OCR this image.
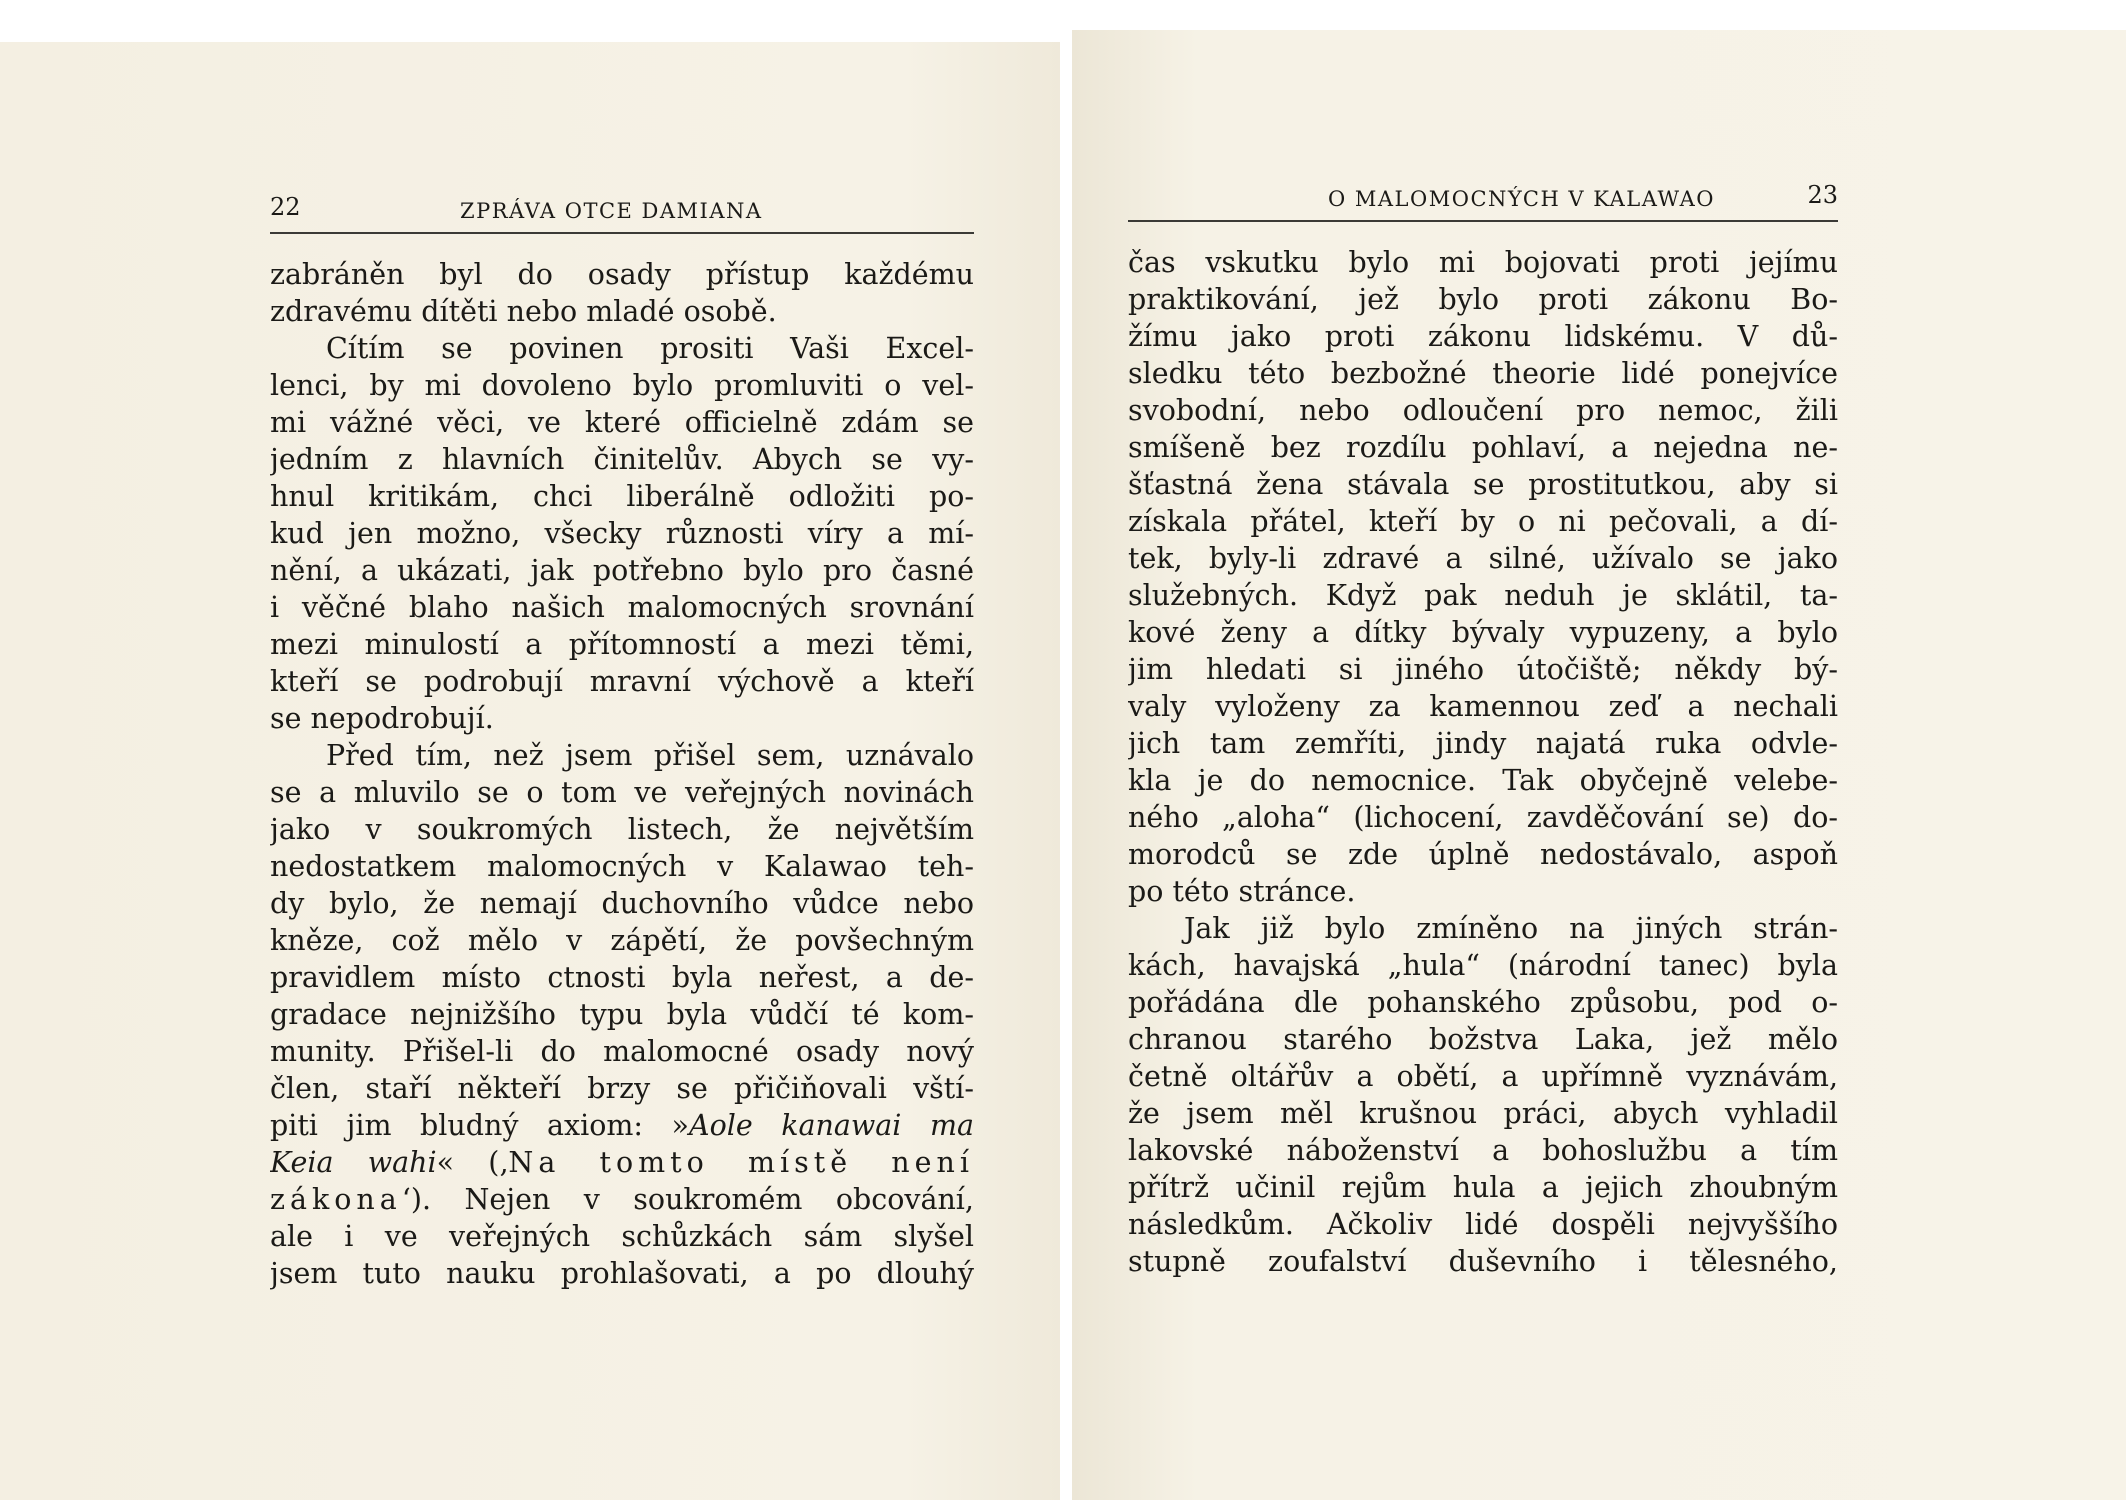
22	ZPRÁVA OTCE DAMIANA
zabráněn byl do osady přístup každému
zdravému dítěti nebo mladé osobě.
Cítím se povinen prositi Vaši Excel-
lenci, by mi dovoleno bylo promluviti o vel-
mi vážné věci, ve které officielně zdám se
jedním z hlavních činitelův. Abych se vy-
hnul kritikám, chci liberálně odložiti po-
kud jen možno, všecky různosti víry a mí-
nění, a ukázati, jak potřebno bylo pro časné
i věčné blaho našich malomocných srovnání
mezi minulostí a přítomností a mezi těmi,
kteří se podrobují mravní výchově a kteří
se nepodrobují.
Před tím, než jsem přišel sem, uznávalo
se a mluvilo se o tom ve veřejných novinách
jako v soukromých listech, že největším
nedostatkem malomocných v Kalawao teh-
dy bylo, že nemají duchovního vůdce nebo
kněze, což mělo v zápětí, že povšechným
pravidlem místo ctnosti byla neřest, a de-
gradace nejnižšího typu byla vůdčí té kom-
munity. Přišel-li do malomocné osady nový
člen, staří někteří brzy se přičiňovali vští-
piti jim bludný axiom: »Aole kanawai ma
Keia wahi« (‚Na tomto místě není
zákona‘). Nejen v soukromém obcování,
ale i ve veřejných schůzkách sám slyšel
jsem tuto nauku prohlašovati, a po dlouhý
O MALOMOCNÝCH V KALAWAO	23
čas vskutku bylo mi bojovati proti jejímu
praktikování, jež bylo proti zákonu Bo-
žímu jako proti zákonu lidskému. V dů-
sledku této bezbožné theorie lidé ponejvíce
svobodní, nebo odloučení pro nemoc, žili
smíšeně bez rozdílu pohlaví, a nejedna ne-
šťastná žena stávala se prostitutkou, aby si
získala přátel, kteří by o ni pečovali, a dí-
tek, byly-li zdravé a silné, užívalo se jako
služebných. Když pak neduh je sklátil, ta-
kové ženy a dítky bývaly vypuzeny, a bylo
jim hledati si jiného útočiště; někdy bý-
valy vyloženy za kamennou zeď a nechali
jich tam zemříti, jindy najatá ruka odvle-
kla je do nemocnice. Tak obyčejně velebe-
ného „aloha“ (lichocení, zavděčování se) do-
morodců se zde úplně nedostávalo, aspoň
po této stránce.
Jak již bylo zmíněno na jiných strán-
kách, havajská „hula“ (národní tanec) byla
pořádána dle pohanského způsobu, pod o-
chranou starého božstva Laka, jež mělo
četně oltářův a obětí, a upřímně vyznávám,
že jsem měl krušnou práci, abych vyhladil
lakovské náboženství a bohoslužbu a tím
přítrž učinil rejům hula a jejich zhoubným
následkům. Ačkoliv lidé dospěli nejvyššího
stupně zoufalství duševního i tělesného,
